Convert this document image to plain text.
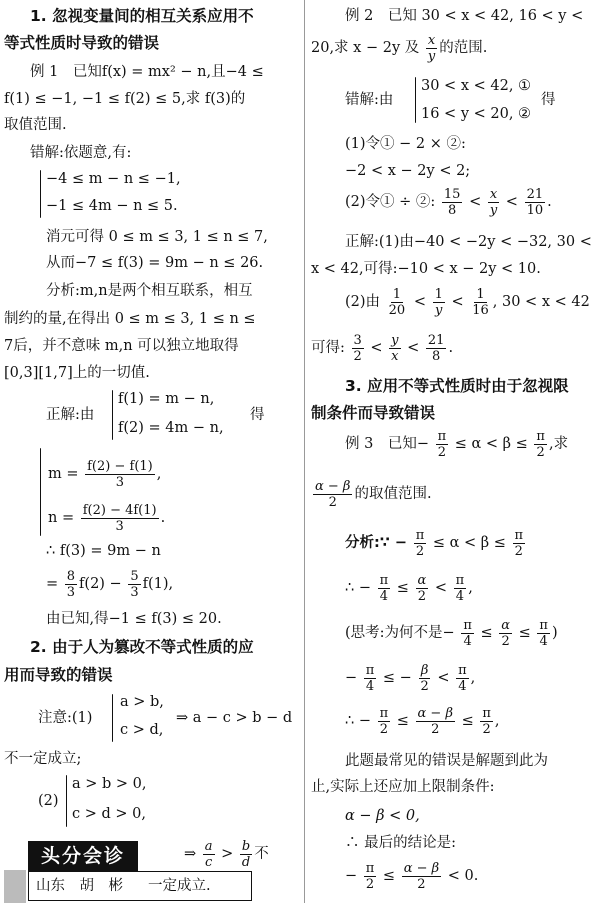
1. 忽视变量间的相互关系应用不
等式性质时导致的错误
例 1　已知f(x) = mx² − n,且−4 ≤
f(1) ≤ −1, −1 ≤ f(2) ≤ 5,求 f(3)的
取值范围.
错解:依题意,有:
−4 ≤ m − n ≤ −1,
−1 ≤ 4m − n ≤ 5.
消元可得 0 ≤ m ≤ 3, 1 ≤ n ≤ 7,
从而−7 ≤ f(3) = 9m − n ≤ 26.
分析:m,n是两个相互联系，相互
制约的量,在得出 0 ≤ m ≤ 3, 1 ≤ n ≤
7后，并不意味 m,n 可以独立地取得
[0,3][1,7]上的一切值.
正解:由
f(1) = m − n,
f(2) = 4m − n,
得
$m = \frac{f(2) - f(1)}{3}$ ,
$n = \frac{f(2) - 4f(1)}{3}$ .
∴ f(3) = 9m − n
= $\frac{8}{3} f(2) - \frac{5}{3} f(1)$,
由已知,得−1 ≤ f(3) ≤ 20.
2. 由于人为篡改不等式性质的应
用而导致的错误
注意:(1)
a > b,
c > d,
⇒ a − c > b − d
不一定成立;
(2)
a > b > 0,
c > d > 0,
⇒ $\frac{a}{c} > \frac{b}{d}$ 不
头分会诊
山东　胡　彬 一定成立.
例 2　已知 30 < x < 42, 16 < y <
20,求 x − 2y 及 $\frac{x}{y}$ 的范围.
错解:由
30 < x < 42, ①
16 < y < 20, ②
得
(1)令① − 2 × ②:
−2 < x − 2y < 2;
(2)令① ÷ ②: $\frac{15}{8} < \frac{x}{y} < \frac{21}{10}$ .
正解:(1)由−40 < −2y < −32, 30 <
x < 42,可得:−10 < x − 2y < 10.
(2)由 $\frac{1}{20} < \frac{1}{y} < \frac{1}{16}$ , 30 < x < 42
可得: $\frac{3}{2} < \frac{y}{x} < \frac{21}{8}$ .
3. 应用不等式性质时由于忽视限
制条件而导致错误
例 3　已知− $\frac{\pi}{2} \le \alpha < \beta \le \frac{\pi}{2}$ ,求
$\frac{\alpha - \beta}{2}$ 的取值范围.
分析:∵ − $\frac{\pi}{2} \le \alpha < \beta \le \frac{\pi}{2}$
∴ − $\frac{\pi}{4} \le \frac{\alpha}{2} < \frac{\pi}{4}$ ,
(思考:为何不是− $\frac{\pi}{4} \le \frac{\alpha}{2} \le \frac{\pi}{4}$ )
− $\frac{\pi}{4}$ ≤ − $\frac{\beta}{2} < \frac{\pi}{4}$ ,
∴ − $\frac{\pi}{2} \le \frac{\alpha - \beta}{2} \le \frac{\pi}{2}$ ,
此题最常见的错误是解题到此为
止,实际上还应加上限制条件:
α − β < 0,
∴ 最后的结论是:
− $\frac{\pi}{2} \le \frac{\alpha - \beta}{2} < 0$.
